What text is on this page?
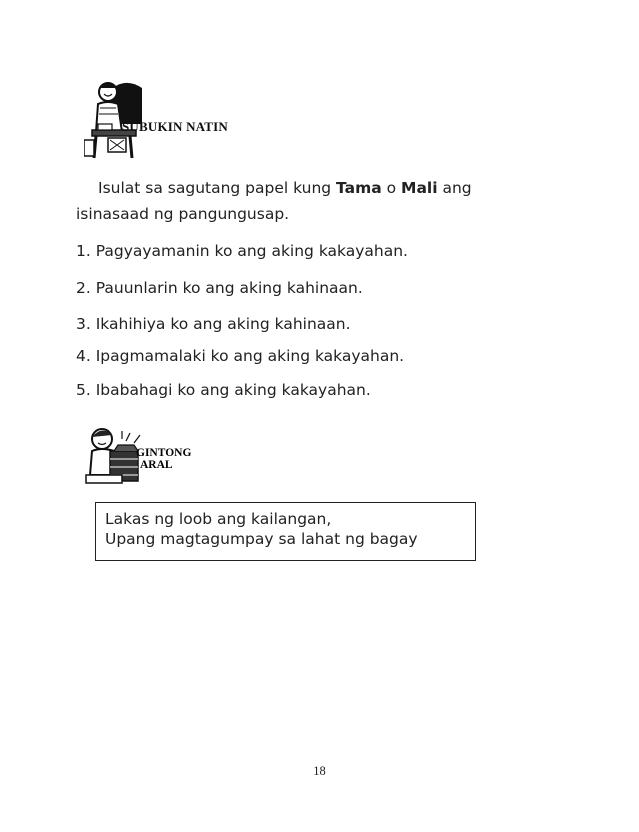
SUBUKIN NATIN
Isulat sa sagutang papel kung Tama o Mali ang isinasaad ng pangungusap.
1. Pagyayamanin ko ang aking kakayahan.
2. Pauunlarin ko ang aking kahinaan.
3. Ikahihiya ko ang aking kahinaan.
4. Ipagmamalaki ko ang aking kakayahan.
5. Ibabahagi ko ang aking kakayahan.
GINTONG
ARAL
Lakas ng loob ang kailangan,
Upang magtagumpay sa lahat ng bagay
18
